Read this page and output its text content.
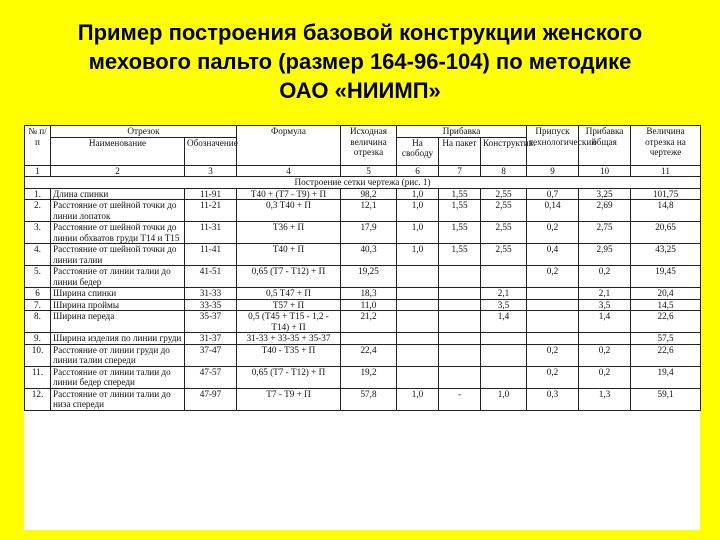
Пример построения базовой конструкции женского
мехового пальто (размер 164-96-104) по методике
ОАО «НИИМП»
№ п/п	Отрезок		Формула	Исходная величина отрезка	Прибавка			Припуск технологический	Прибавка общая	Величина отрезка на чертеже
	Наименование	Обозначение			На свободу	На пакет	Конструктив.			
1	2	3	4	5	6	7	8	9	10	11
Построение сетки чертежа (рис. 1)										
1.	Длина спинки	11-91	Т40 + (Т7 - Т9) + П	98,2	1,0	1,55	2,55	0,7	3,25	101,75
2.	Расстояние от шейной точки до линии лопаток	11-21	0,3 Т40 + П	12,1	1,0	1,55	2,55	0,14	2,69	14,8
3.	Расстояние от шейной точки до линии обхватов груди Т14 и Т15	11-31	Т36 + П	17,9	1,0	1,55	2,55	0,2	2,75	20,65
4.	Расстояние от шейной точки до линии талии	11-41	Т40 + П	40,3	1,0	1,55	2,55	0,4	2,95	43,25
5.	Расстояние от линии талии до линии бедер	41-51	0,65 (Т7 - Т12) + П	19,25				0,2	0,2	19,45
6	Ширина спинки	31-33	0,5 Т47 + П	18,3			2,1		2,1	20,4
7.	Ширина проймы	33-35	Т57 + П	11,0			3,5		3,5	14,5
8.	Ширина переда	35-37	0,5 (Т45 + Т15 - 1,2 - Т14) + П	21,2			1,4		1,4	22,6
9.	Ширина изделия по линии груди	31-37	31-33 + 33-35 + 35-37							57,5
10.	Расстояние от линии груди до линии талии спереди	37-47	Т40 - Т35 + П	22,4				0,2	0,2	22,6
11.	Расстояние от линии талии до линии бедер спереди	47-57	0,65 (Т7 - Т12) + П	19,2				0,2	0,2	19,4
12.	Расстояние от линии талии до низа спереди	47-97	Т7 - Т9 + П	57,8	1,0	-	1,0	0,3	1,3	59,1
